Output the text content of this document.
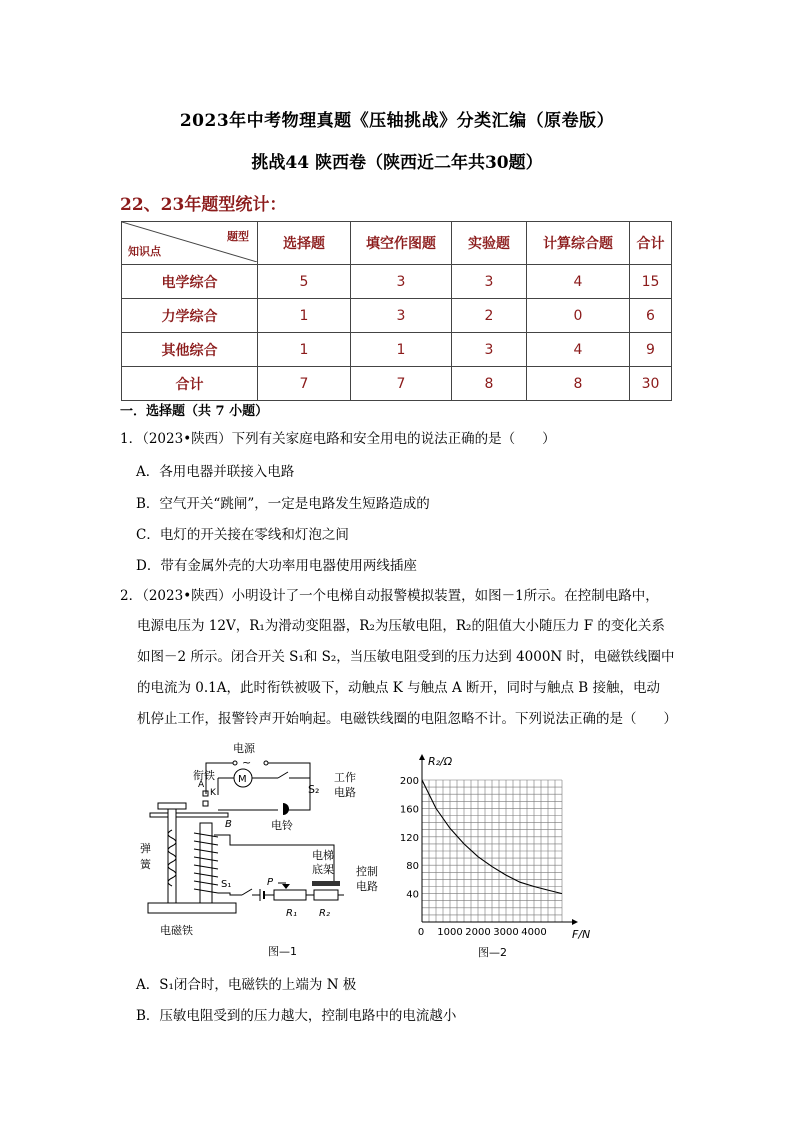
2023年中考物理真题《压轴挑战》分类汇编（原卷版）
挑战44 陕西卷（陕西近二年共30题）
22、23年题型统计：
题型
知识点	选择题	填空作图题	实验题	计算综合题	合计
电学综合	5	3	3	4	15
力学综合	1	3	2	0	6
其他综合	1	1	3	4	9
合计	7	7	8	8	30
一．选择题（共 7 小题）
1．（2023•陕西）下列有关家庭电路和安全用电的说法正确的是（　　）
A．各用电器并联接入电路
B．空气开关“跳闸”，一定是电路发生短路造成的
C．电灯的开关接在零线和灯泡之间
D．带有金属外壳的大功率用电器使用两线插座
2．（2023•陕西）小明设计了一个电梯自动报警模拟装置，如图－1所示。在控制电路中，
电源电压为 12V，R₁为滑动变阻器，R₂为压敏电阻，R₂的阻值大小随压力 F 的变化关系
如图－2 所示。闭合开关 S₁和 S₂，当压敏电阻受到的压力达到 4000N 时，电磁铁线圈中
的电流为 0.1A，此时衔铁被吸下，动触点 K 与触点 A 断开，同时与触点 B 接触，电动
机停止工作，报警铃声开始响起。电磁铁线圈的电阻忽略不计。下列说法正确的是（　　）
电源
~
M
S₂
电铃
工作
电路
A
K
B
衔铁
弹
簧
电磁铁
S₁	P
R₁ R₂
电梯
底架 控制
电路
图—1
40
80
120
160
200
0 1000 2000 3000 4000
R₂/Ω
F/N
图—2
A．S₁闭合时，电磁铁的上端为 N 极
B．压敏电阻受到的压力越大，控制电路中的电流越小
